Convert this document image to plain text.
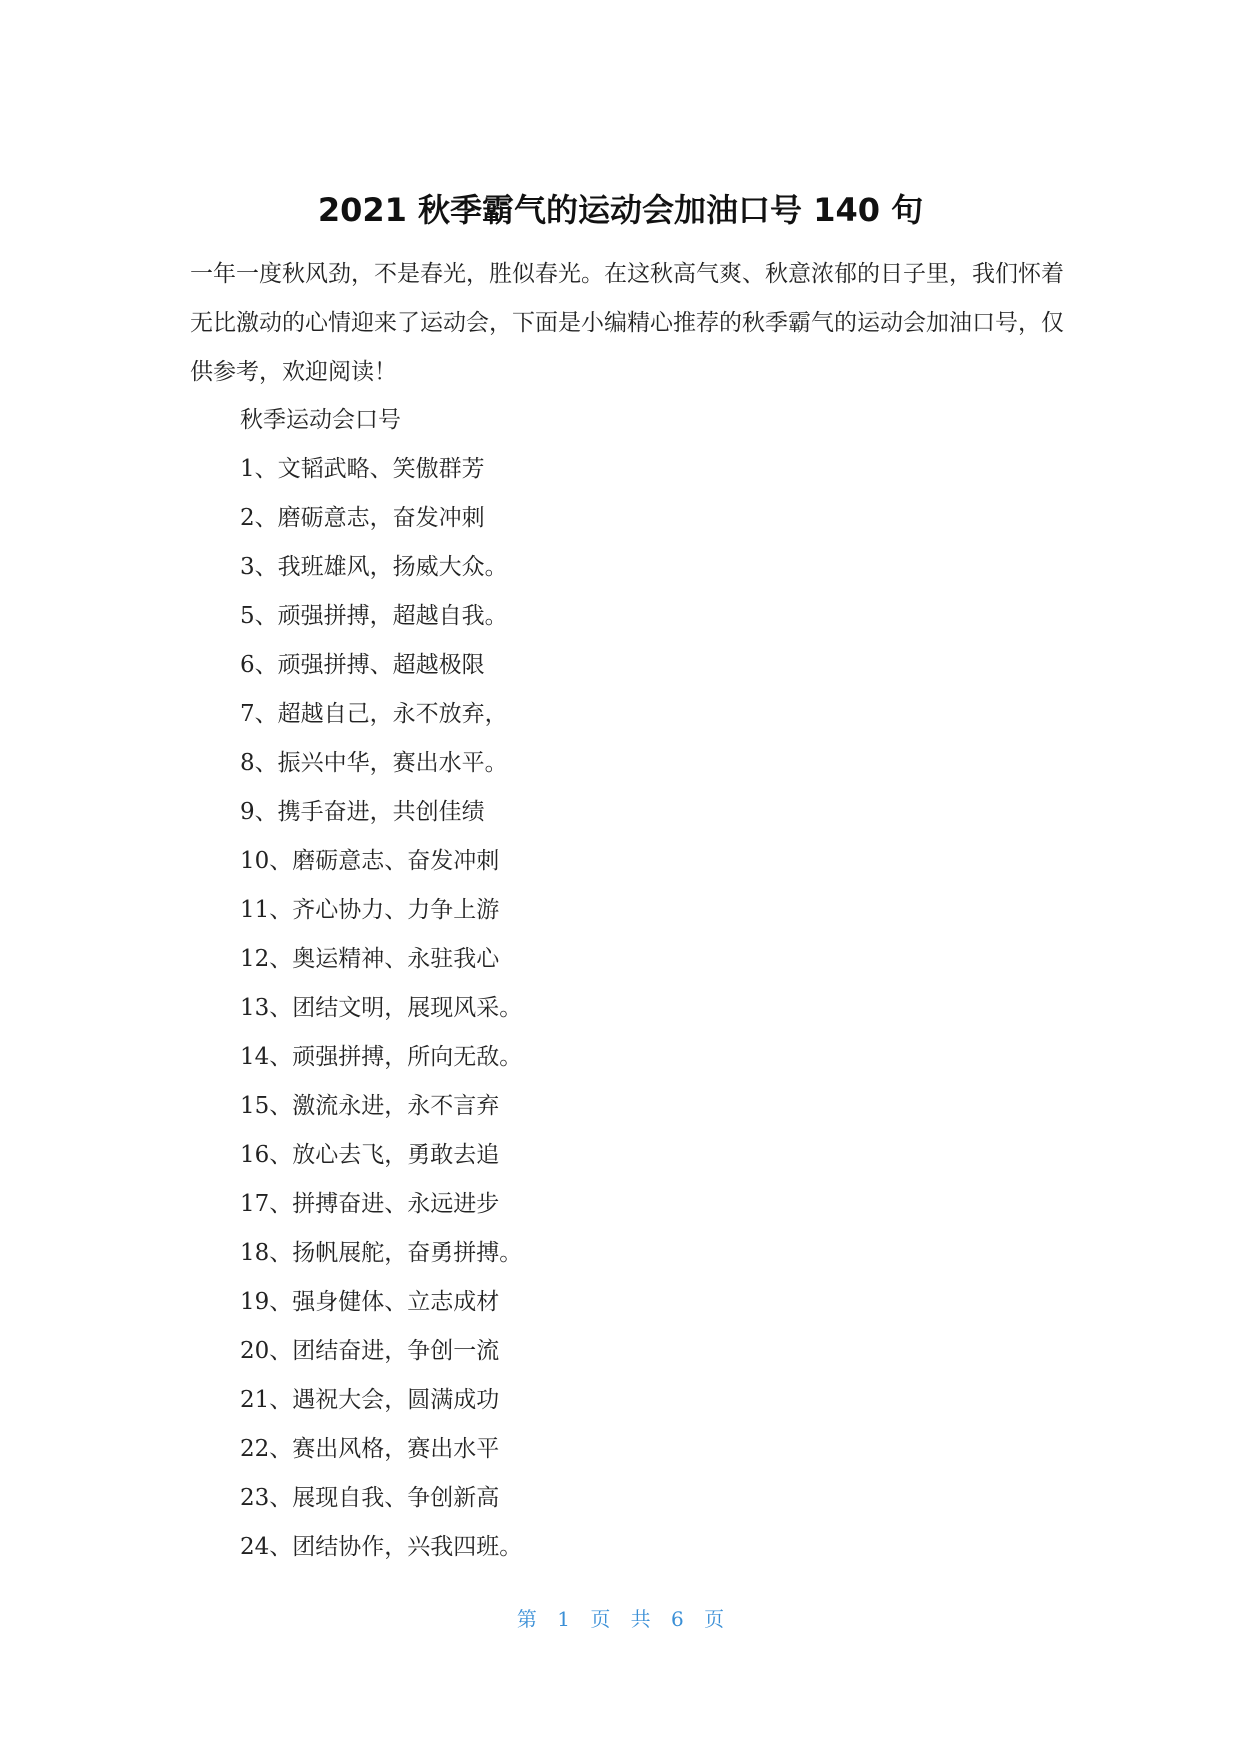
2021 秋季霸气的运动会加油口号 140 句

一年一度秋风劲，不是春光，胜似春光。在这秋高气爽、秋意浓郁的日子里，我们怀着无比激动的心情迎来了运动会，下面是小编精心推荐的秋季霸气的运动会加油口号，仅供参考，欢迎阅读！

秋季运动会口号

1、文韬武略、笑傲群芳
2、磨砺意志，奋发冲刺
3、我班雄风，扬威大众。
5、顽强拼搏，超越自我。
6、顽强拼搏、超越极限
7、超越自己，永不放弃，
8、振兴中华，赛出水平。
9、携手奋进，共创佳绩
10、磨砺意志、奋发冲刺
11、齐心协力、力争上游
12、奥运精神、永驻我心
13、团结文明，展现风采。
14、顽强拼搏，所向无敌。
15、激流永进，永不言弃
16、放心去飞，勇敢去追
17、拼搏奋进、永远进步
18、扬帆展舵，奋勇拼搏。
19、强身健体、立志成材
20、团结奋进，争创一流
21、遇祝大会，圆满成功
22、赛出风格，赛出水平
23、展现自我、争创新高
24、团结协作，兴我四班。
第 1 页 共 6 页
